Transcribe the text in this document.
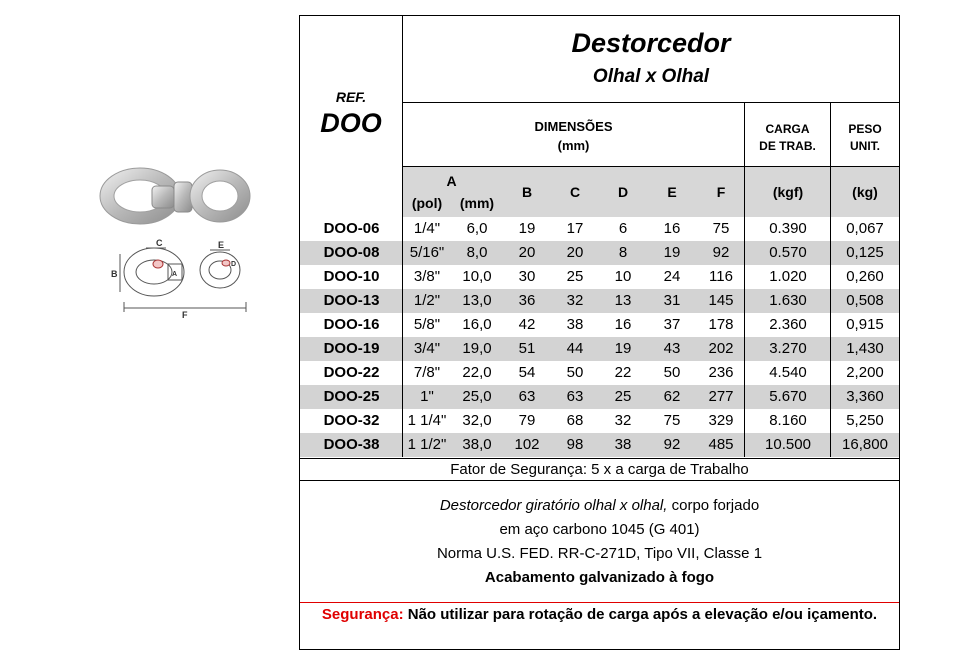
C	E
B
F
A
D
REF.
DOO
Destorcedor
Olhal x Olhal
DIMENSÕES
(mm)
CARGA
DE TRAB.
PESO
UNIT.
A
(pol)	(mm)
B	C	D	E	F	(kgf)	(kg)
DOO-06	1/4"	6,0	19	17	6	16	75	0.390	0,067
DOO-08	5/16"	8,0	20	20	8	19	92	0.570	0,125
DOO-10	3/8"	10,0	30	25	10	24	116	1.020	0,260
DOO-13	1/2"	13,0	36	32	13	31	145	1.630	0,508
DOO-16	5/8"	16,0	42	38	16	37	178	2.360	0,915
DOO-19	3/4"	19,0	51	44	19	43	202	3.270	1,430
DOO-22	7/8"	22,0	54	50	22	50	236	4.540	2,200
DOO-25	1"	25,0	63	63	25	62	277	5.670	3,360
DOO-32	1 1/4"	32,0	79	68	32	75	329	8.160	5,250
DOO-38	1 1/2"	38,0	102	98	38	92	485	10.500	16,800
Fator de Segurança: 5 x a carga de Trabalho
Destorcedor giratório olhal x olhal, corpo forjado
em aço carbono 1045 (G 401)
Norma U.S. FED. RR-C-271D, Tipo VII, Classe 1
Acabamento galvanizado à fogo
Segurança: Não utilizar para rotação de carga após a elevação e/ou içamento.
